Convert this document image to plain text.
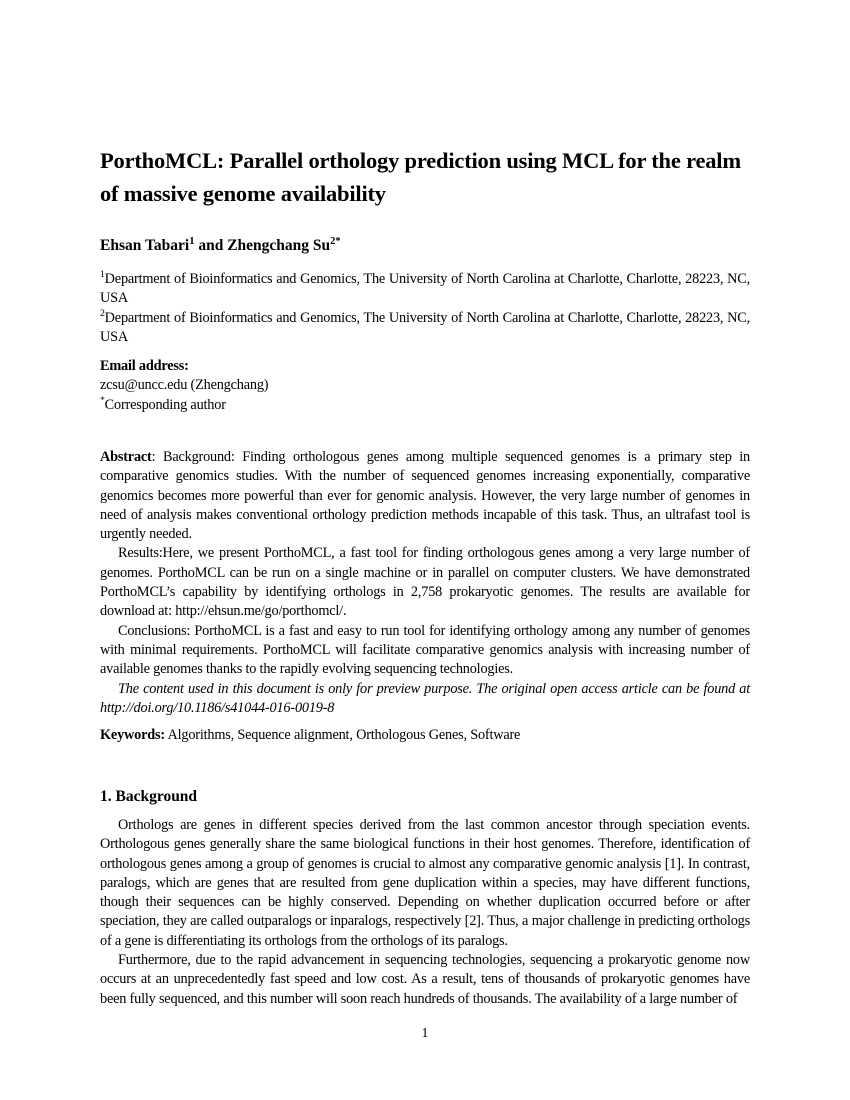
PorthoMCL: Parallel orthology prediction using MCL for the realm of massive genome availability
Ehsan Tabari$^1$ and Zhengchang $Su^{2*}$
$^1$Department of Bioinformatics and Genomics, The University of North Carolina at Charlotte, Charlotte, 28223, NC, USA
$^2$Department of Bioinformatics and Genomics, The University of North Carolina at Charlotte, Charlotte, 28223, NC, USA
Email address:
zcsu@uncc.edu (Zhengchang)
*Corresponding author

Abstract: Background: Finding orthologous genes among multiple sequenced genomes is a primary step in comparative genomics studies. With the number of sequenced genomes increasing exponentially, comparative genomics becomes more powerful than ever for genomic analysis. However, the very large number of genomes in need of analysis makes conventional orthology prediction methods incapable of this task. Thus, an ultrafast tool is urgently needed.

Results:Here, we present PorthoMCL, a fast tool for finding orthologous genes among a very large number of genomes. PorthoMCL can be run on a single machine or in parallel on computer clusters. We have demonstrated PorthoMCL’s capability by identifying orthologs in 2,758 prokaryotic genomes. The results are available for download at: http://ehsun.me/go/porthomcl/.

Conclusions: PorthoMCL is a fast and easy to run tool for identifying orthology among any number of genomes with minimal requirements. PorthoMCL will facilitate comparative genomics analysis with increasing number of available genomes thanks to the rapidly evolving sequencing technologies.

The content used in this document is only for preview purpose. The original open access article can be found at http://doi.org/10.1186/s41044-016-0019-8

Keywords: Algorithms, Sequence alignment, Orthologous Genes, Software
1. Background

Orthologs are genes in different species derived from the last common ancestor through speciation events. Orthologous genes generally share the same biological functions in their host genomes. Therefore, identification of orthologous genes among a group of genomes is crucial to almost any comparative genomic analysis [1]. In contrast, paralogs, which are genes that are resulted from gene duplication within a species, may have different functions, though their sequences can be highly conserved. Depending on whether duplication occurred before or after speciation, they are called outparalogs or inparalogs, respectively [2]. Thus, a major challenge in predicting orthologs of a gene is differentiating its orthologs from the orthologs of its paralogs.

Furthermore, due to the rapid advancement in sequencing technologies, sequencing a prokaryotic genome now occurs at an unprecedentedly fast speed and low cost. As a result, tens of thousands of prokaryotic genomes have been fully sequenced, and this number will soon reach hundreds of thousands. The availability of a large number of

1
